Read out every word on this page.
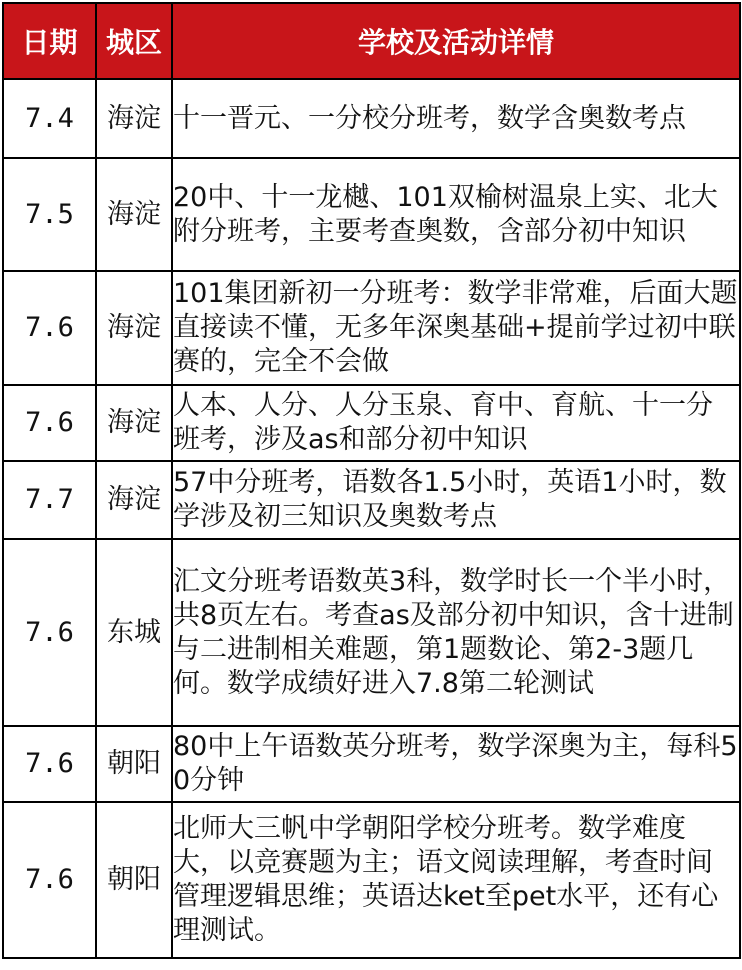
日期	城区	学校及活动详情
7.4	海淀	十一晋元、一分校分班考，数学含奥数考点
7.5	海淀	20中、十一龙樾、101双榆树温泉上实、北大附分班考，主要考查奥数，含部分初中知识
7.6	海淀	101集团新初一分班考：数学非常难，后面大题直接读不懂，无多年深奥基础+提前学过初中联赛的，完全不会做
7.6	海淀	人本、人分、人分玉泉、育中、育航、十一分班考，涉及as和部分初中知识
7.7	海淀	57中分班考，语数各1.5小时，英语1小时，数学涉及初三知识及奥数考点
7.6	东城	汇文分班考语数英3科，数学时长一个半小时，共8页左右。考查as及部分初中知识，含十进制与二进制相关难题，第1题数论、第2-3题几何。数学成绩好进入7.8第二轮测试
7.6	朝阳	80中上午语数英分班考，数学深奥为主，每科50分钟
7.6	朝阳	北师大三帆中学朝阳学校分班考。数学难度大，以竞赛题为主；语文阅读理解，考查时间管理逻辑思维；英语达ket至pet水平，还有心理测试。
